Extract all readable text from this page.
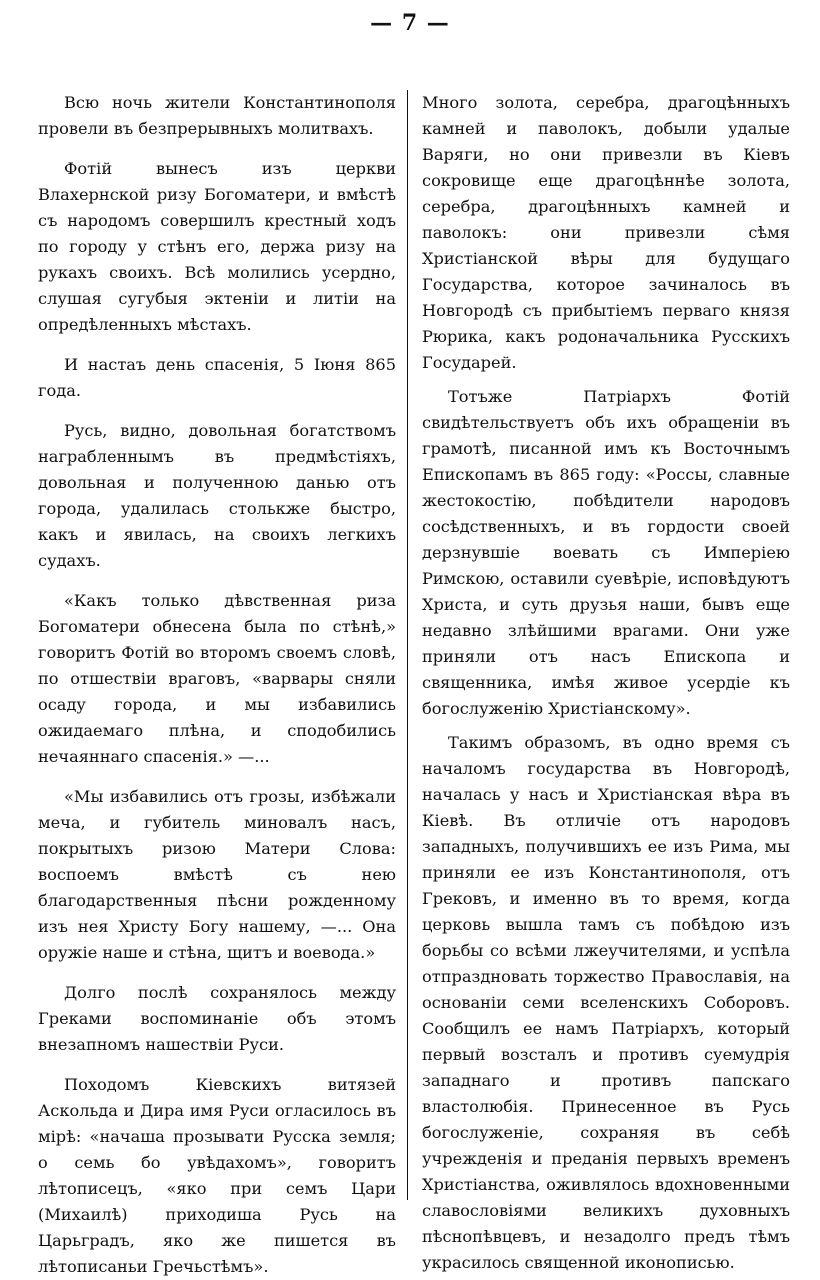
— 7 —

Всю ночь жители Константинополя провели въ безпрерывныхъ молитвахъ.

Фотій вынесъ изъ церкви Влахернской ризу Богоматери, и вмѣстѣ съ народомъ совершилъ крестный ходъ по городу у стѣнъ его, держа ризу на рукахъ своихъ. Всѣ молились усердно, слушая сугубыя эктеніи и литіи на опредѣленныхъ мѣстахъ.

И настаъ день спасенія, 5 Іюня 865 года.

Русь, видно, довольная богатствомъ награбленнымъ въ предмѣстіяхъ, довольная и полученною данью отъ города, удалилась столькже быстро, какъ и явилась, на своихъ легкихъ судахъ.

«Какъ только дѣвственная риза Богоматери обнесена была по стѣнѣ,» говоритъ Фотій во второмъ своемъ словѣ, по отшествіи враговъ, «варвары сняли осаду города, и мы избавились ожидаемаго плѣна, и сподобились нечаяннаго спасенія.» —...

«Мы избавились отъ грозы, избѣжали меча, и губитель миновалъ насъ, покрытыхъ ризою Матери Слова: воспоемъ вмѣстѣ съ нею благодарственныя пѣсни рожденному изъ нея Христу Богу нашему, —... Она оружіе наше и стѣна, щитъ и воевода.»

Долго послѣ сохранялось между Греками воспоминаніе объ этомъ внезапномъ нашествіи Руси.

Походомъ Кіевскихъ витязей Аскольда и Дира имя Руси огласилось въ мірѣ: «начаша прозывати Русска земля; о семь бо увѣдахомъ», говоритъ лѣтописецъ, «яко при семъ Цари (Михаилѣ) приходиша Русь на Царьградъ, яко же пишется въ лѣтописаньи Гречьстѣмъ».

Много золота, серебра, драгоцѣнныхъ камней и паволокъ, добыли удалые Варяги, но они привезли въ Кіевъ сокровище еще драгоцѣннѣе золота, серебра, драгоцѣнныхъ камней и паволокъ: они привезли сѣмя Христіанской вѣры для будущаго Государства, которое зачиналось въ Новгородѣ съ прибытіемъ перваго князя Рюрика, какъ родоначальника Русскихъ Государей.

Тотъже Патріархъ Фотій свидѣтельствуетъ объ ихъ обращеніи въ грамотѣ, писанной имъ къ Восточнымъ Епископамъ въ 865 году: «Россы, славные жестокостію, побѣдители народовъ сосѣдственныхъ, и въ гордости своей дерзнувшіе воевать съ Имперіею Римскою, оставили суевѣріе, исповѣдуютъ Христа, и суть друзья наши, бывъ еще недавно злѣйшими врагами. Они уже приняли отъ насъ Епископа и священника, имѣя живое усердіе къ богослуженію Христіанскому».

Такимъ образомъ, въ одно время съ началомъ государства въ Новгородѣ, началась у насъ и Христіанская вѣра въ Кіевѣ. Въ отличіе отъ народовъ западныхъ, получившихъ ее изъ Рима, мы приняли ее изъ Константинополя, отъ Грековъ, и именно въ то время, когда церковь вышла тамъ съ побѣдою изъ борьбы со всѣми лжеучителями, и успѣла отпраздновать торжество Православія, на основаніи семи вселенскихъ Соборовъ. Сообщилъ ее намъ Патріархъ, который первый возсталъ и противъ суемудрія западнаго и противъ папскаго властолюбія. Принесенное въ Русь богослуженіе, сохраняя въ себѣ учрежденія и преданія первыхъ временъ Христіанства, оживлялось вдохновенными славословіями великихъ духовныхъ пѣснопѣвцевъ, и незадолго предъ тѣмъ украсилось священной иконописью.
